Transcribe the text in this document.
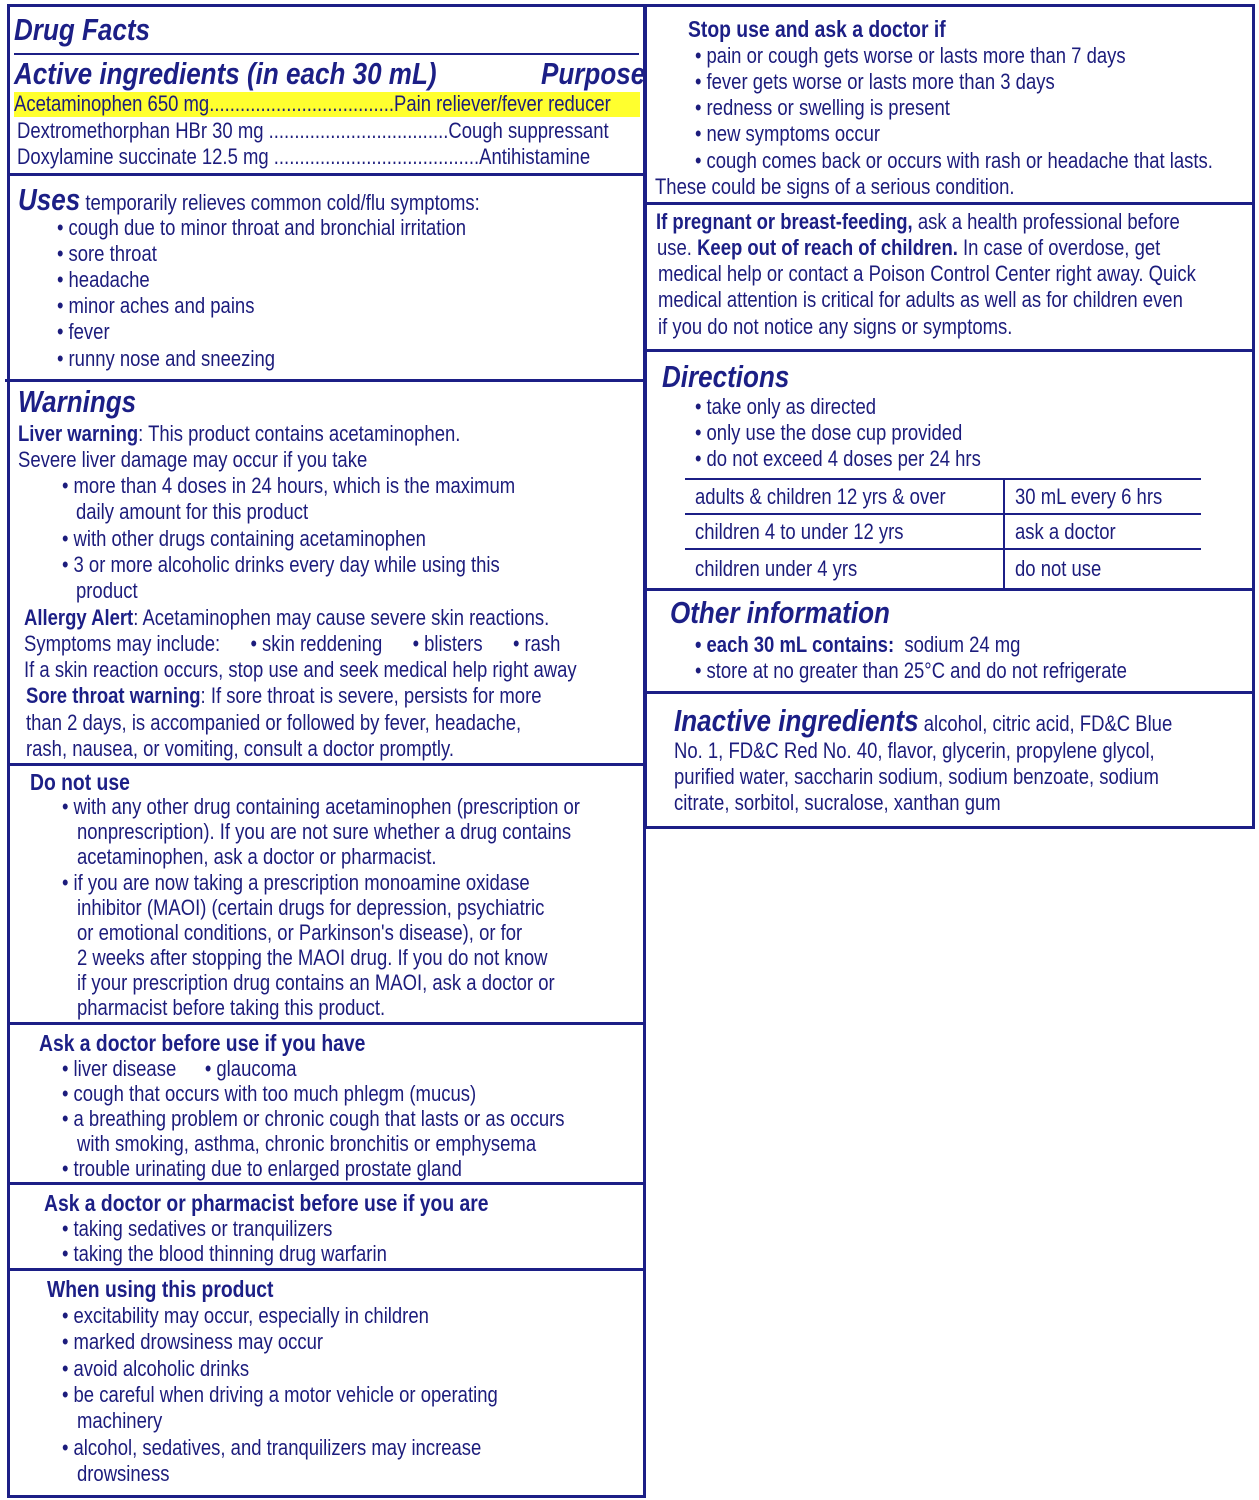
Drug Facts
Active ingredients (in each 30 mL)	Purpose
Acetaminophen 650 mg....................................Pain reliever/fever reducer
Dextromethorphan HBr 30 mg ...................................Cough suppressant
Doxylamine succinate 12.5 mg ........................................Antihistamine
Uses temporarily relieves common cold/flu symptoms:
• cough due to minor throat and bronchial irritation
• sore throat
• headache
• minor aches and pains
• fever
• runny nose and sneezing
Warnings
Liver warning: This product contains acetaminophen.
Severe liver damage may occur if you take
• more than 4 doses in 24 hours, which is the maximum
daily amount for this product
• with other drugs containing acetaminophen
• 3 or more alcoholic drinks every day while using this
product
Allergy Alert: Acetaminophen may cause severe skin reactions.
Symptoms may include: • skin reddening • blisters • rash
If a skin reaction occurs, stop use and seek medical help right away
Sore throat warning: If sore throat is severe, persists for more
than 2 days, is accompanied or followed by fever, headache,
rash, nausea, or vomiting, consult a doctor promptly.
Do not use
• with any other drug containing acetaminophen (prescription or
nonprescription). If you are not sure whether a drug contains
acetaminophen, ask a doctor or pharmacist.
• if you are now taking a prescription monoamine oxidase
inhibitor (MAOI) (certain drugs for depression, psychiatric
or emotional conditions, or Parkinson's disease), or for
2 weeks after stopping the MAOI drug. If you do not know
if your prescription drug contains an MAOI, ask a doctor or
pharmacist before taking this product.
Ask a doctor before use if you have
• liver disease • glaucoma
• cough that occurs with too much phlegm (mucus)
• a breathing problem or chronic cough that lasts or as occurs
with smoking, asthma, chronic bronchitis or emphysema
• trouble urinating due to enlarged prostate gland
Ask a doctor or pharmacist before use if you are
• taking sedatives or tranquilizers
• taking the blood thinning drug warfarin
When using this product
• excitability may occur, especially in children
• marked drowsiness may occur
• avoid alcoholic drinks
• be careful when driving a motor vehicle or operating
machinery
• alcohol, sedatives, and tranquilizers may increase
drowsiness
Stop use and ask a doctor if
• pain or cough gets worse or lasts more than 7 days
• fever gets worse or lasts more than 3 days
• redness or swelling is present
• new symptoms occur
• cough comes back or occurs with rash or headache that lasts.
These could be signs of a serious condition.
If pregnant or breast-feeding, ask a health professional before
use. Keep out of reach of children. In case of overdose, get
medical help or contact a Poison Control Center right away. Quick
medical attention is critical for adults as well as for children even
if you do not notice any signs or symptoms.
Directions
• take only as directed
• only use the dose cup provided
• do not exceed 4 doses per 24 hrs
adults & children 12 yrs & over	30 mL every 6 hrs
children 4 to under 12 yrs	ask a doctor
children under 4 yrs	do not use
Other information
• each 30 mL contains:  sodium 24 mg
• store at no greater than 25°C and do not refrigerate
Inactive ingredients alcohol, citric acid, FD&C Blue
No. 1, FD&C Red No. 40, flavor, glycerin, propylene glycol,
purified water, saccharin sodium, sodium benzoate, sodium
citrate, sorbitol, sucralose, xanthan gum
